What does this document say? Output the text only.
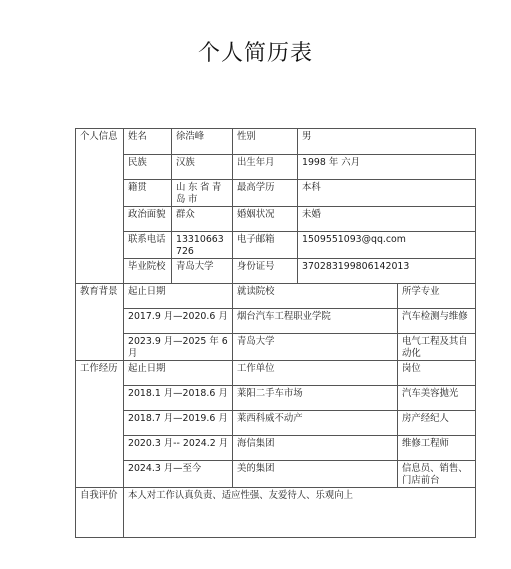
个人简历表
个人信息	姓名	徐浩峰	性别	男	
	民族	汉族	出生年月	1998 年 六月	
	籍贯	山东省青岛市	最高学历	本科	
	政治面貌	群众	婚姻状况	未婚	
	联系电话	13310663726	电子邮箱	1509551093@qq.com	
	毕业院校	青岛大学	身份证号	370283199806142013	
教育背景	起止日期		就读院校		所学专业
	2017.9 月—2020.6 月		烟台汽车工程职业学院		汽车检测与维修
	2023.9 月—2025 年 6 月		青岛大学		电气工程及其自动化
工作经历	起止日期		工作单位		岗位
	2018.1 月—2018.6 月		莱阳二手车市场		汽车美容抛光
	2018.7 月—2019.6 月		莱西科威不动产		房产经纪人
	2020.3 月-- 2024.2 月		海信集团		维修工程师
	2024.3 月—至今		美的集团		信息员、销售、门店前台
自我评价	本人对工作认真负责、适应性强、友爱待人、乐观向上				
